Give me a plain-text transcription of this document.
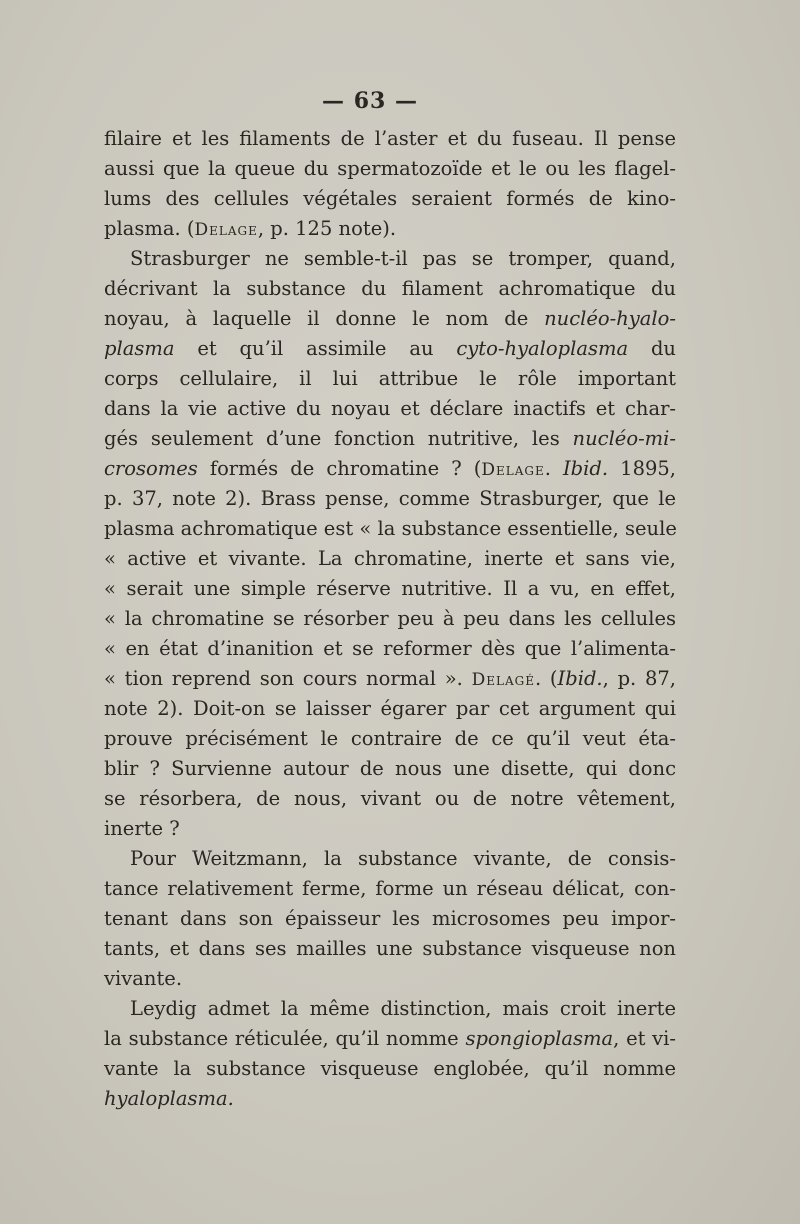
— 63 —
filaire et les filaments de l’aster et du fuseau. Il pense
aussi que la queue du spermatozoïde et le ou les flagel-
lums des cellules végétales seraient formés de kino-
plasma. (Delage, p. 125 note).
Strasburger ne semble-t-il pas se tromper, quand,
décrivant la substance du filament achromatique du
noyau, à laquelle il donne le nom de nucléo-hyalo-
plasma et qu’il assimile au cyto-hyaloplasma du
corps cellulaire, il lui attribue le rôle important
dans la vie active du noyau et déclare inactifs et char-
gés seulement d’une fonction nutritive, les nucléo-mi-
crosomes formés de chromatine ? (Delage. Ibid. 1895,
p. 37, note 2). Brass pense, comme Strasburger, que le
plasma achromatique est « la substance essentielle, seule
« active et vivante. La chromatine, inerte et sans vie,
« serait une simple réserve nutritive. Il a vu, en effet,
« la chromatine se résorber peu à peu dans les cellules
« en état d’inanition et se reformer dès que l’alimenta-
« tion reprend son cours normal ». Delagé. (Ibid., p. 87,
note 2). Doit-on se laisser égarer par cet argument qui
prouve précisément le contraire de ce qu’il veut éta-
blir ? Survienne autour de nous une disette, qui donc
se résorbera, de nous, vivant ou de notre vêtement,
inerte ?
Pour Weitzmann, la substance vivante, de consis-
tance relativement ferme, forme un réseau délicat, con-
tenant dans son épaisseur les microsomes peu impor-
tants, et dans ses mailles une substance visqueuse non
vivante.
Leydig admet la même distinction, mais croit inerte
la substance réticulée, qu’il nomme spongioplasma, et vi-
vante la substance visqueuse englobée, qu’il nomme
hyaloplasma.
